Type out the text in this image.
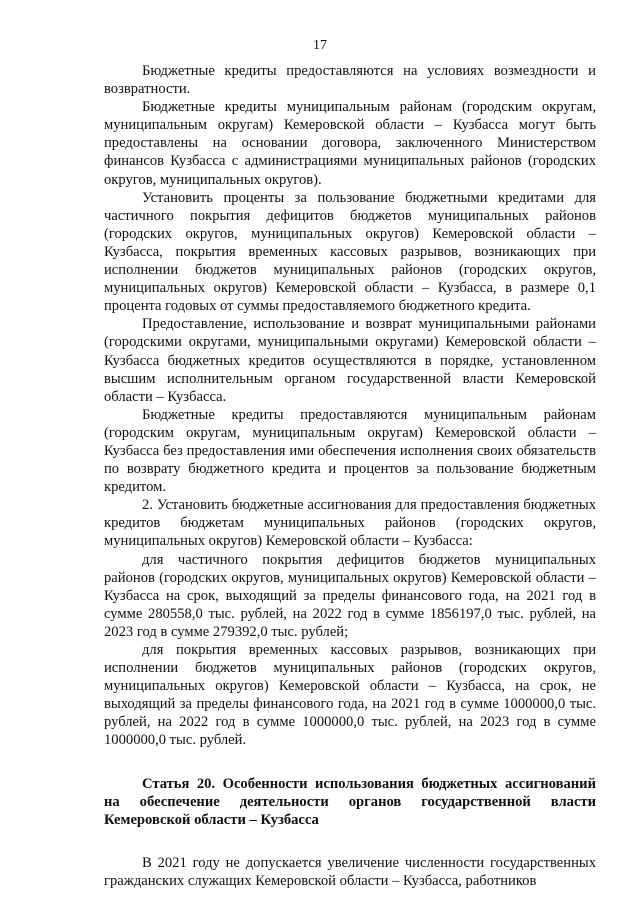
17

Бюджетные кредиты предоставляются на условиях возмездности и возвратности.

Бюджетные кредиты муниципальным районам (городским округам, муниципальным округам) Кемеровской области – Кузбасса могут быть предоставлены на основании договора, заключенного Министерством финансов Кузбасса с администрациями муниципальных районов (городских округов, муниципальных округов).

Установить проценты за пользование бюджетными кредитами для частичного покрытия дефицитов бюджетов муниципальных районов (городских округов, муниципальных округов) Кемеровской области – Кузбасса, покрытия временных кассовых разрывов, возникающих при исполнении бюджетов муниципальных районов (городских округов, муниципальных округов) Кемеровской области – Кузбасса, в размере 0,1 процента годовых от суммы предоставляемого бюджетного кредита.

Предоставление, использование и возврат муниципальными районами (городскими округами, муниципальными округами) Кемеровской области – Кузбасса бюджетных кредитов осуществляются в порядке, установленном высшим исполнительным органом государственной власти Кемеровской области – Кузбасса.

Бюджетные кредиты предоставляются муниципальным районам (городским округам, муниципальным округам) Кемеровской области – Кузбасса без предоставления ими обеспечения исполнения своих обязательств по возврату бюджетного кредита и процентов за пользование бюджетным кредитом.

2. Установить бюджетные ассигнования для предоставления бюджетных кредитов бюджетам муниципальных районов (городских округов, муниципальных округов) Кемеровской области – Кузбасса:

для частичного покрытия дефицитов бюджетов муниципальных районов (городских округов, муниципальных округов) Кемеровской области – Кузбасса на срок, выходящий за пределы финансового года, на 2021 год в сумме 280558,0 тыс. рублей, на 2022 год в сумме 1856197,0 тыс. рублей, на 2023 год в сумме 279392,0 тыс. рублей;

для покрытия временных кассовых разрывов, возникающих при исполнении бюджетов муниципальных районов (городских округов, муниципальных округов) Кемеровской области – Кузбасса, на срок, не выходящий за пределы финансового года, на 2021 год в сумме 1000000,0 тыс. рублей, на 2022 год в сумме 1000000,0 тыс. рублей, на 2023 год в сумме 1000000,0 тыс. рублей.

Статья 20. Особенности использования бюджетных ассигнований на обеспечение деятельности органов государственной власти Кемеровской области – Кузбасса

В 2021 году не допускается увеличение численности государственных гражданских служащих Кемеровской области – Кузбасса, работников
